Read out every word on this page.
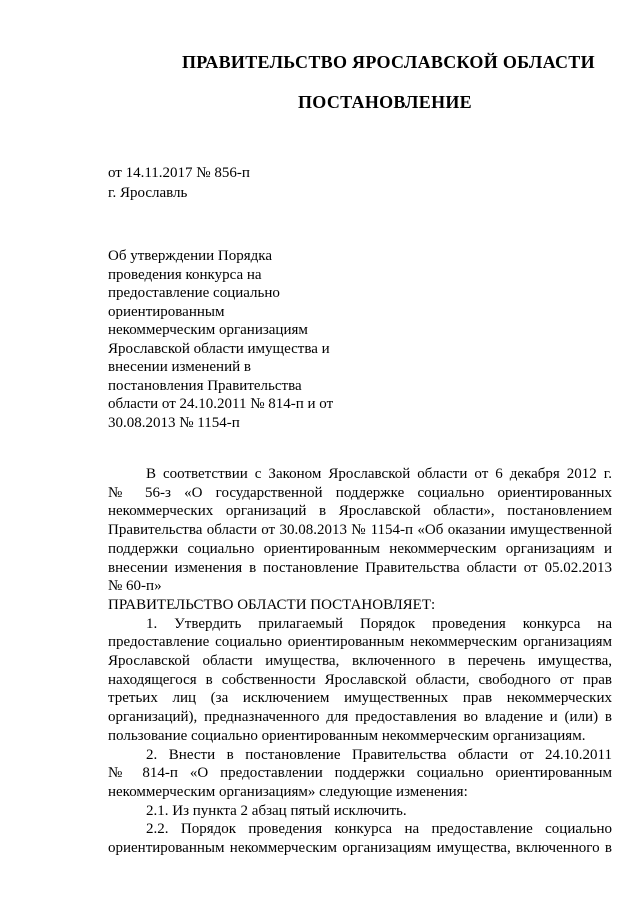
ПРАВИТЕЛЬСТВО ЯРОСЛАВСКОЙ ОБЛАСТИ
ПОСТАНОВЛЕНИЕ
от 14.11.2017 № 856-п
г. Ярославль
Об утверждении Порядка
проведения конкурса на
предоставление социально
ориентированным
некоммерческим организациям
Ярославской области имущества и
внесении изменений в
постановления Правительства
области от 24.10.2011 № 814-п и от
30.08.2013 № 1154-п
В соответствии с Законом Ярославской области от 6 декабря 2012 г.
№ 56-з «О государственной поддержке социально ориентированных
некоммерческих организаций в Ярославской области», постановлением
Правительства области от 30.08.2013 № 1154-п «Об оказании имущественной
поддержки социально ориентированным некоммерческим организациям и
внесении изменения в постановление Правительства области от 05.02.2013
№ 60-п»
ПРАВИТЕЛЬСТВО ОБЛАСТИ ПОСТАНОВЛЯЕТ:
1. Утвердить прилагаемый Порядок проведения конкурса на
предоставление социально ориентированным некоммерческим организациям
Ярославской области имущества, включенного в перечень имущества,
находящегося в собственности Ярославской области, свободного от прав
третьих лиц (за исключением имущественных прав некоммерческих
организаций), предназначенного для предоставления во владение и (или) в
пользование социально ориентированным некоммерческим организациям.
2. Внести в постановление Правительства области от 24.10.2011
№ 814-п «О предоставлении поддержки социально ориентированным
некоммерческим организациям» следующие изменения:
2.1. Из пункта 2 абзац пятый исключить.
2.2. Порядок проведения конкурса на предоставление социально
ориентированным некоммерческим организациям имущества, включенного в
